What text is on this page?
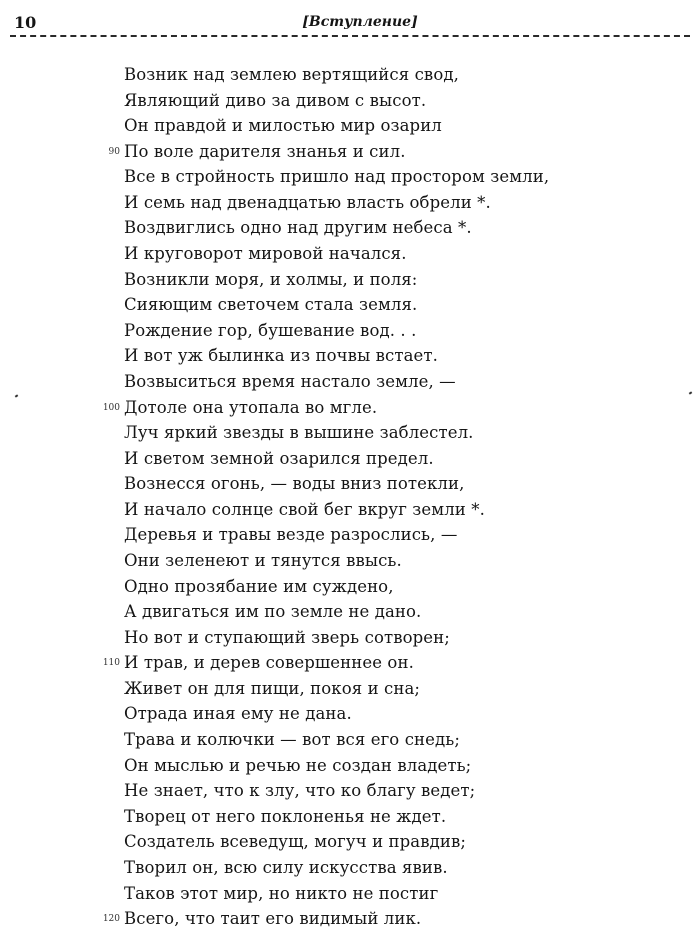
10	[Вступление]
Возник над землею вертящийся свод,
Являющий диво за дивом с высот.
Он правдой и милостью мир озарил
90 По воле дарителя знанья и сил.
Все в стройность пришло над простором земли,
И семь над двенадцатью власть обрели *.
Воздвиглись одно над другим небеса *.
И круговорот мировой начался.
Возникли моря, и холмы, и поля:
Сияющим светочем стала земля.
Рождение гор, бушевание вод. . .
И вот уж былинка из почвы встает.
Возвыситься время настало земле, —
100 Дотоле она утопала во мгле.
Луч яркий звезды в вышине заблестел.
И светом земной озарился предел.
Вознесся огонь, — воды вниз потекли,
И начало солнце свой бег вкруг земли *.
Деревья и травы везде разрослись, —
Они зеленеют и тянутся ввысь.
Одно прозябание им суждено,
А двигаться им по земле не дано.
Но вот и ступающий зверь сотворен;
110 И трав, и дерев совершеннее он.
Живет он для пищи, покоя и сна;
Отрада иная ему не дана.
Трава и колючки — вот вся его снедь;
Он мыслью и речью не создан владеть;
Не знает, что к злу, что ко благу ведет;
Творец от него поклоненья не ждет.
Создатель всеведущ, могуч и правдив;
Творил он, всю силу искусства явив.
Таков этот мир, но никто не постиг
120 Всего, что таит его видимый лик.
